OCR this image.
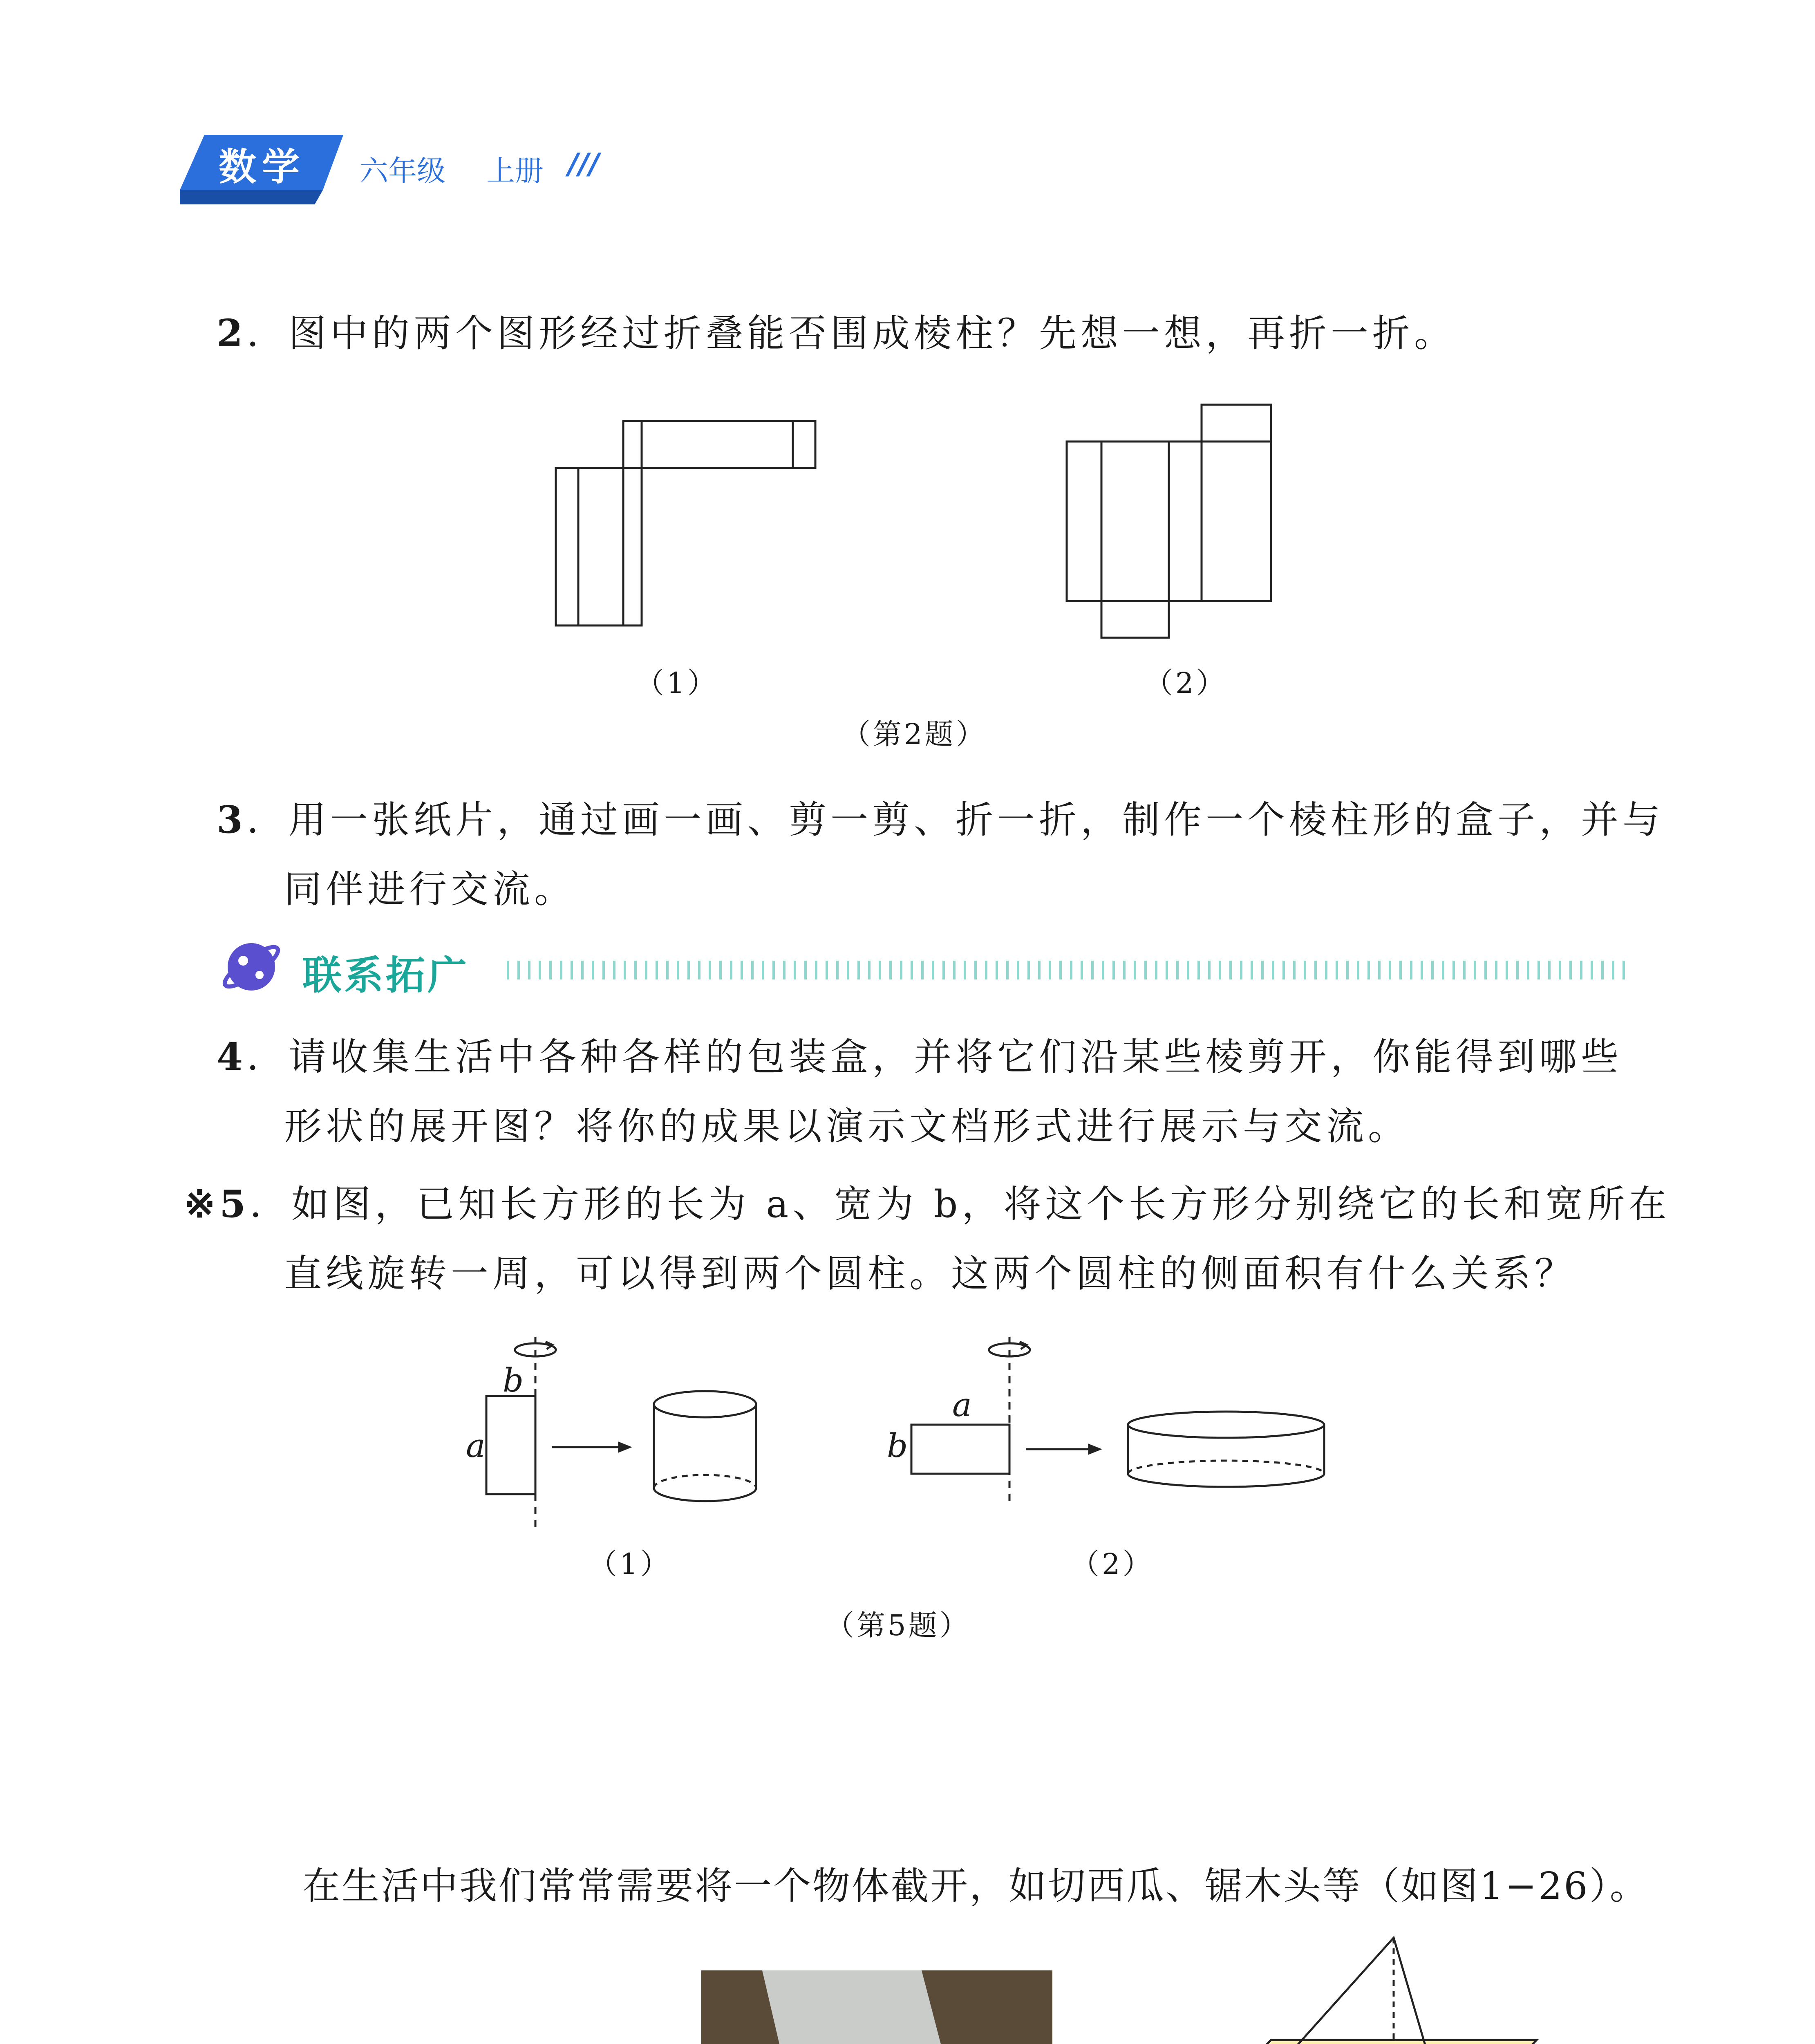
数学 六年级 上册 ///
2．图中的两个图形经过折叠能否围成棱柱？先想一想，再折一折。
（1）	（2）
（第2题）
3．用一张纸片，通过画一画、剪一剪、折一折，制作一个棱柱形的盒子，并与
同伴进行交流。
联系拓广
4．请收集生活中各种各样的包装盒，并将它们沿某些棱剪开，你能得到哪些
形状的展开图？将你的成果以演示文档形式进行展示与交流。
※5．如图，已知长方形的长为 a、宽为 b，将这个长方形分别绕它的长和宽所在
直线旋转一周，可以得到两个圆柱。这两个圆柱的侧面积有什么关系？
b
a
（1）
a
b
（2）
（第5题）
在生活中我们常常需要将一个物体截开，如切西瓜、锯木头等（如图1−26）。
